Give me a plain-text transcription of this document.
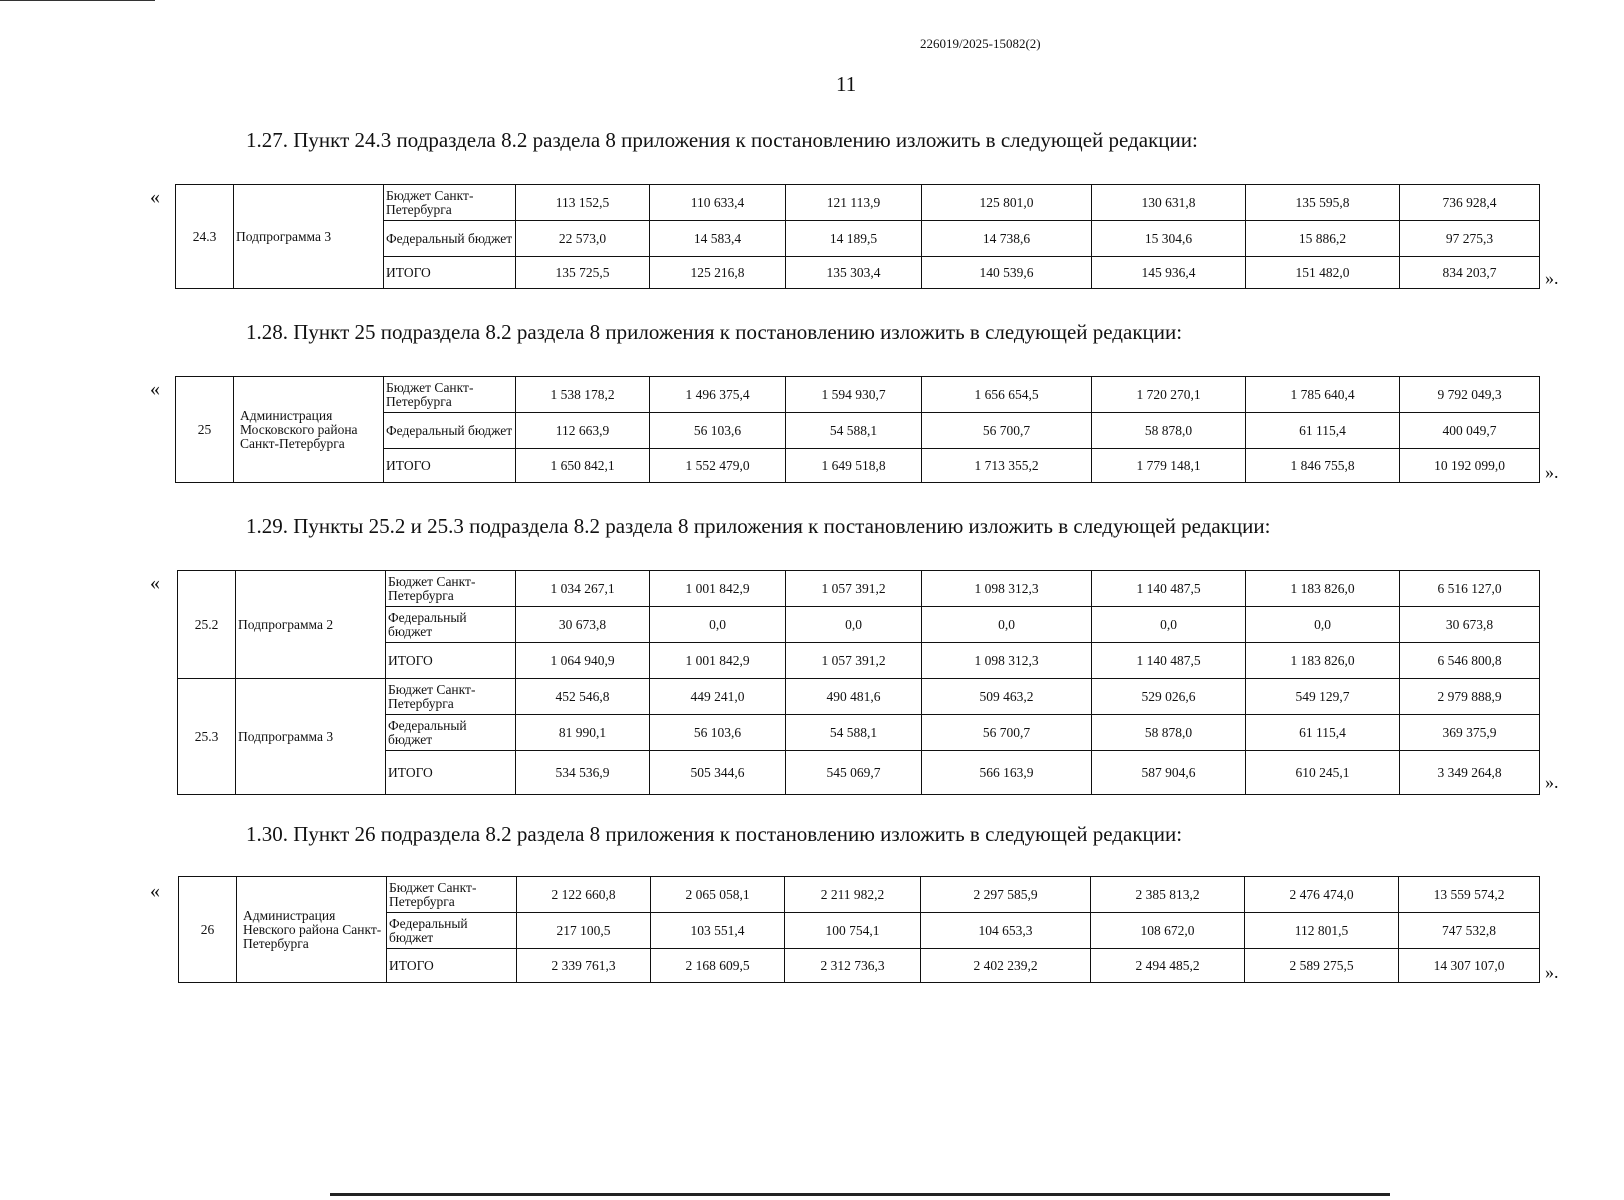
226019/2025-15082(2)
11
1.27. Пункт 24.3 подраздела 8.2 раздела 8 приложения к постановлению изложить в следующей редакции:
«
24.3	Подпрограмма 3	Бюджет Санкт-Петербурга	113 152,5	110 633,4	121 113,9	125 801,0	130 631,8	135 595,8	736 928,4
		Федеральный бюджет	22 573,0	14 583,4	14 189,5	14 738,6	15 304,6	15 886,2	97 275,3
		ИТОГО	135 725,5	125 216,8	135 303,4	140 539,6	145 936,4	151 482,0	834 203,7	».
1.28. Пункт 25 подраздела 8.2 раздела 8 приложения к постановлению изложить в следующей редакции:
«
25	Администрация Московского района Санкт-Петербурга	Бюджет Санкт-Петербурга	1 538 178,2	1 496 375,4	1 594 930,7	1 656 654,5	1 720 270,1	1 785 640,4	9 792 049,3
		Федеральный бюджет	112 663,9	56 103,6	54 588,1	56 700,7	58 878,0	61 115,4	400 049,7
		ИТОГО	1 650 842,1	1 552 479,0	1 649 518,8	1 713 355,2	1 779 148,1	1 846 755,8	10 192 099,0 ».
1.29. Пункты 25.2 и 25.3 подраздела 8.2 раздела 8 приложения к постановлению изложить в следующей редакции:
«
25.2	Подпрограмма 2	Бюджет Санкт-Петербурга	1 034 267,1	1 001 842,9	1 057 391,2	1 098 312,3	1 140 487,5	1 183 826,0	6 516 127,0
		Федеральный бюджет	30 673,8	0,0	0,0	0,0	0,0	0,0	30 673,8
		ИТОГО	1 064 940,9	1 001 842,9	1 057 391,2	1 098 312,3	1 140 487,5	1 183 826,0	6 546 800,8
25.3	Подпрограмма 3	Бюджет Санкт-Петербурга	452 546,8	449 241,0	490 481,6	509 463,2	529 026,6	549 129,7	2 979 888,9
		Федеральный бюджет	81 990,1	56 103,6	54 588,1	56 700,7	58 878,0	61 115,4	369 375,9
		ИТОГО	534 536,9	505 344,6	545 069,7	566 163,9	587 904,6	610 245,1	3 349 264,8 ».
1.30. Пункт 26 подраздела 8.2 раздела 8 приложения к постановлению изложить в следующей редакции:
«
26	Администрация Невского района Санкт-Петербурга	Бюджет Санкт-Петербурга	2 122 660,8	2 065 058,1	2 211 982,2	2 297 585,9	2 385 813,2	2 476 474,0	13 559 574,2
		Федеральный бюджет	217 100,5	103 551,4	100 754,1	104 653,3	108 672,0	112 801,5	747 532,8
		ИТОГО	2 339 761,3	2 168 609,5	2 312 736,3	2 402 239,2	2 494 485,2	2 589 275,5	14 307 107,0 ».
